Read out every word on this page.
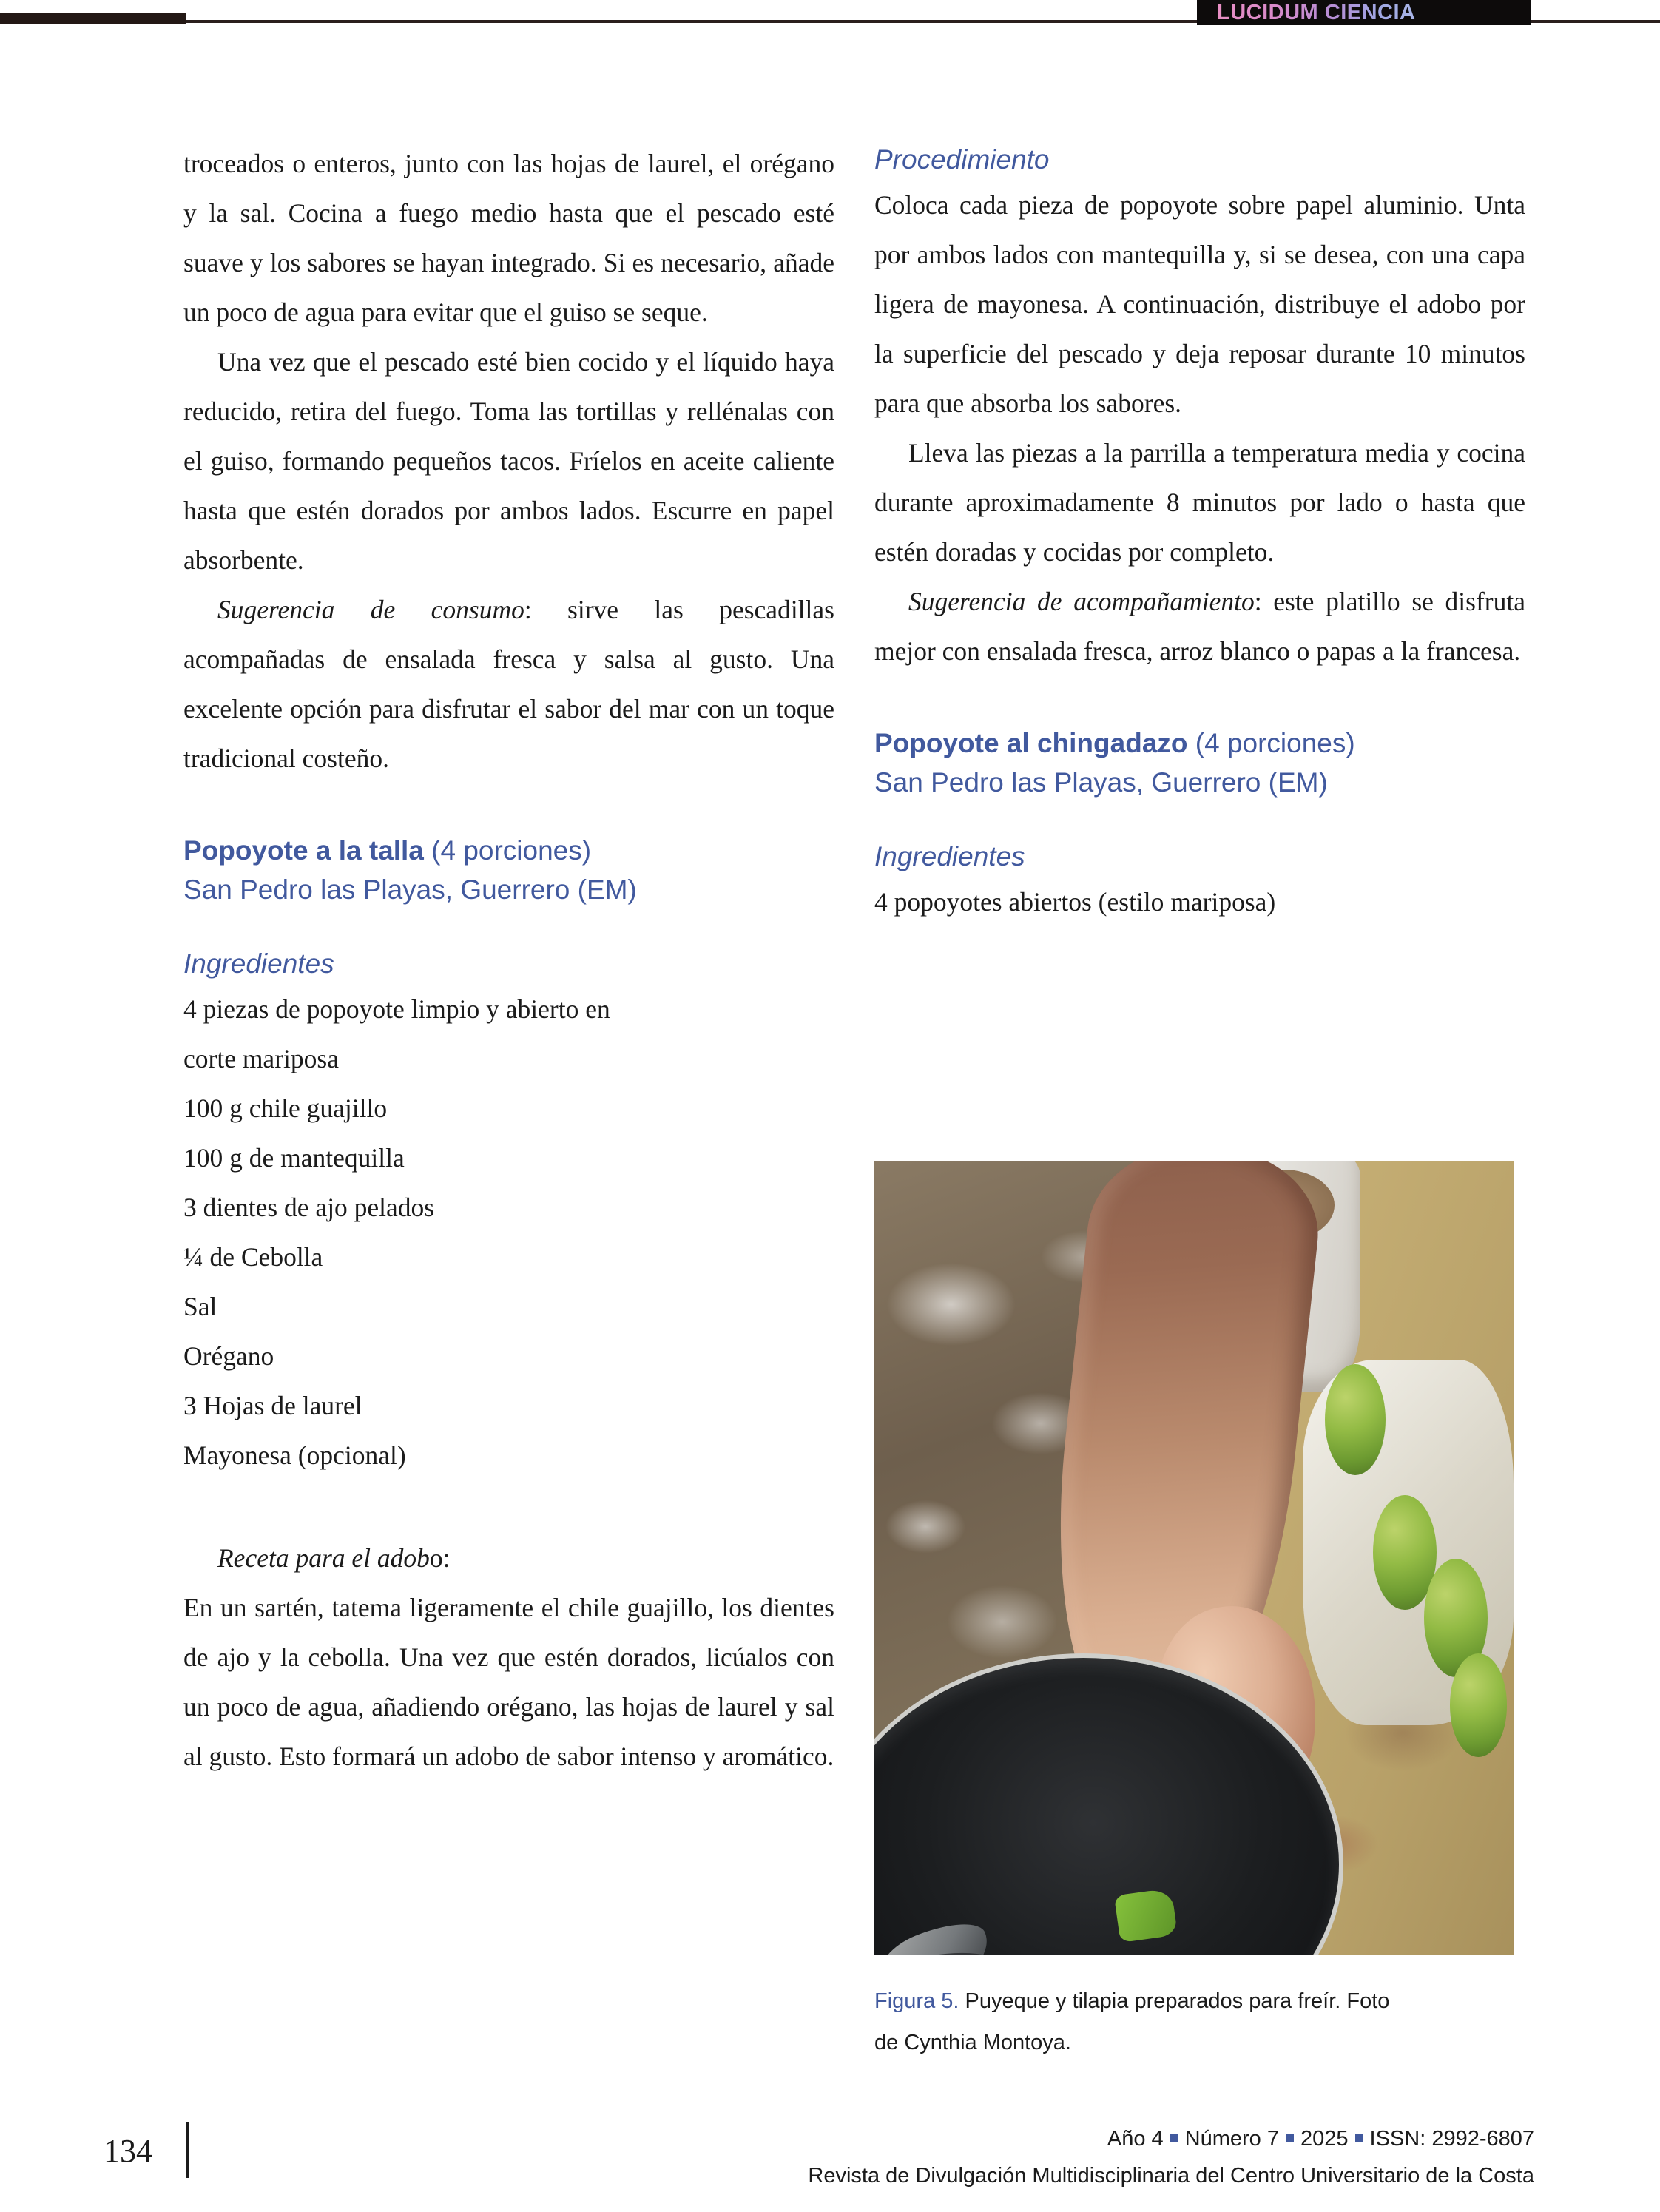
LUCIDUM CIENCIA

troceados o enteros, junto con las hojas de laurel, el orégano y la sal. Cocina a fuego medio hasta que el pescado esté suave y los sabores se hayan integrado. Si es necesario, añade un poco de agua para evitar que el guiso se seque.

Una vez que el pescado esté bien cocido y el líquido haya reducido, retira del fuego. Toma las tortillas y rellénalas con el guiso, formando pequeños tacos. Fríelos en aceite caliente hasta que estén dorados por ambos lados. Escurre en papel absorbente.

Sugerencia de consumo: sirve las pescadillas acompañadas de ensalada fresca y salsa al gusto. Una excelente opción para disfrutar el sabor del mar con un toque tradicional costeño.

Popoyote a la talla (4 porciones)
San Pedro las Playas, Guerrero (EM)
Ingredientes
4 piezas de popoyote limpio y abierto en
corte mariposa
100 g chile guajillo
100 g de mantequilla
3 dientes de ajo pelados
¼ de Cebolla
Sal
Orégano
3 Hojas de laurel
Mayonesa (opcional)

Receta para el adobo:

En un sartén, tatema ligeramente el chile guajillo, los dientes de ajo y la cebolla. Una vez que estén dorados, licúalos con un poco de agua, añadiendo orégano, las hojas de laurel y sal al gusto. Esto formará un adobo de sabor intenso y aromático.

Procedimiento

Coloca cada pieza de popoyote sobre papel aluminio. Unta por ambos lados con mantequilla y, si se desea, con una capa ligera de mayonesa. A continuación, distribuye el adobo por la superficie del pescado y deja reposar durante 10 minutos para que absorba los sabores.

Lleva las piezas a la parrilla a temperatura media y cocina durante aproximadamente 8 minutos por lado o hasta que estén doradas y cocidas por completo.

Sugerencia de acompañamiento: este platillo se disfruta mejor con ensalada fresca, arroz blanco o papas a la francesa.

Popoyote al chingadazo (4 porciones)
San Pedro las Playas, Guerrero (EM)
Ingredientes
4 popoyotes abiertos (estilo mariposa)
Figura 5. Puyeque y tilapia preparados para freír. Foto
de Cynthia Montoya.
134	Año 4 Número 7 2025 ISSN: 2992-6807
Revista de Divulgación Multidisciplinaria del Centro Universitario de la Costa
